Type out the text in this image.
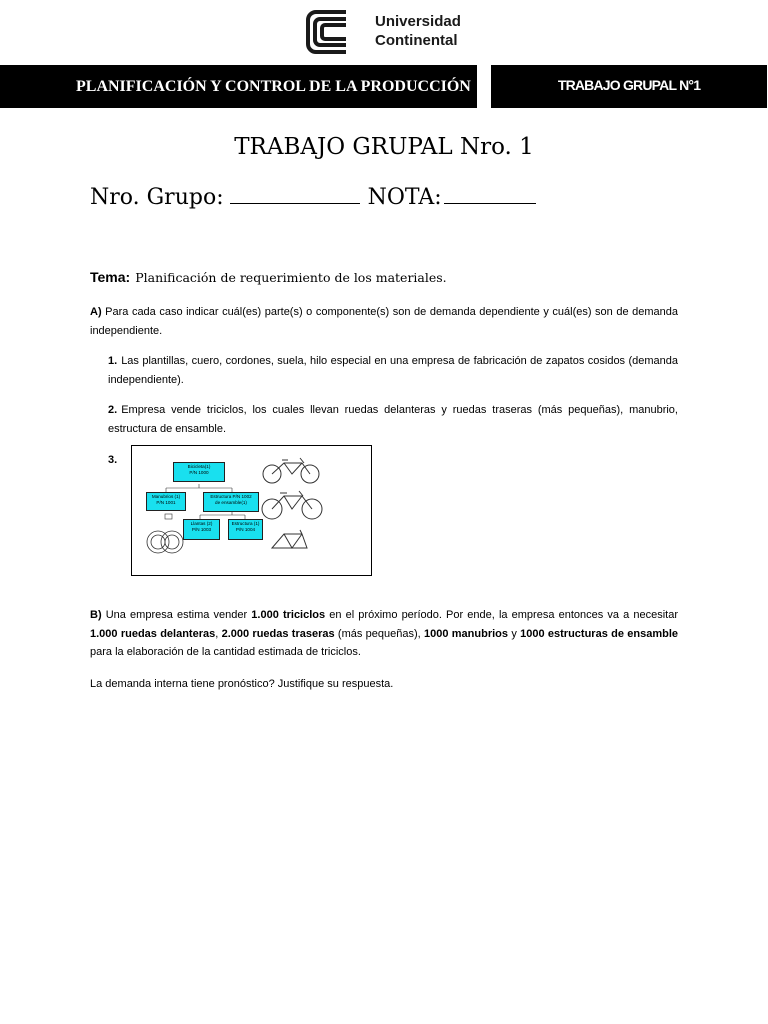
Universidad
Continental
PLANIFICACIÓN Y CONTROL DE LA PRODUCCIÓN	TRABAJO GRUPAL N°1
TRABAJO GRUPAL Nro. 1
Nro. Grupo:	NOTA:
Tema: Planificación de requerimiento de los materiales.
A) Para cada caso indicar cuál(es) parte(s) o componente(s) son de demanda dependiente y cuál(es) son de demanda independiente.
1. Las plantillas, cuero, cordones, suela, hilo especial en una empresa de fabricación de zapatos cosidos (demanda independiente).
2. Empresa vende triciclos, los cuales llevan ruedas delanteras y ruedas traseras (más pequeñas), manubrio, estructura de ensamble.
3.
Bicicleta(1)
P/N 1000
Manubrios (1)
P/N 1001
Estructura P/N 1002
de ensamble(1)
Llantas (2)
P/N 1003
Estructura (1)
P/N 1004
B) Una empresa estima vender 1.000 triciclos en el próximo período. Por ende, la empresa entonces va a necesitar 1.000 ruedas delanteras, 2.000 ruedas traseras (más pequeñas), 1000 manubrios y 1000 estructuras de ensamble para la elaboración de la cantidad estimada de triciclos.
La demanda interna tiene pronóstico? Justifique su respuesta.
